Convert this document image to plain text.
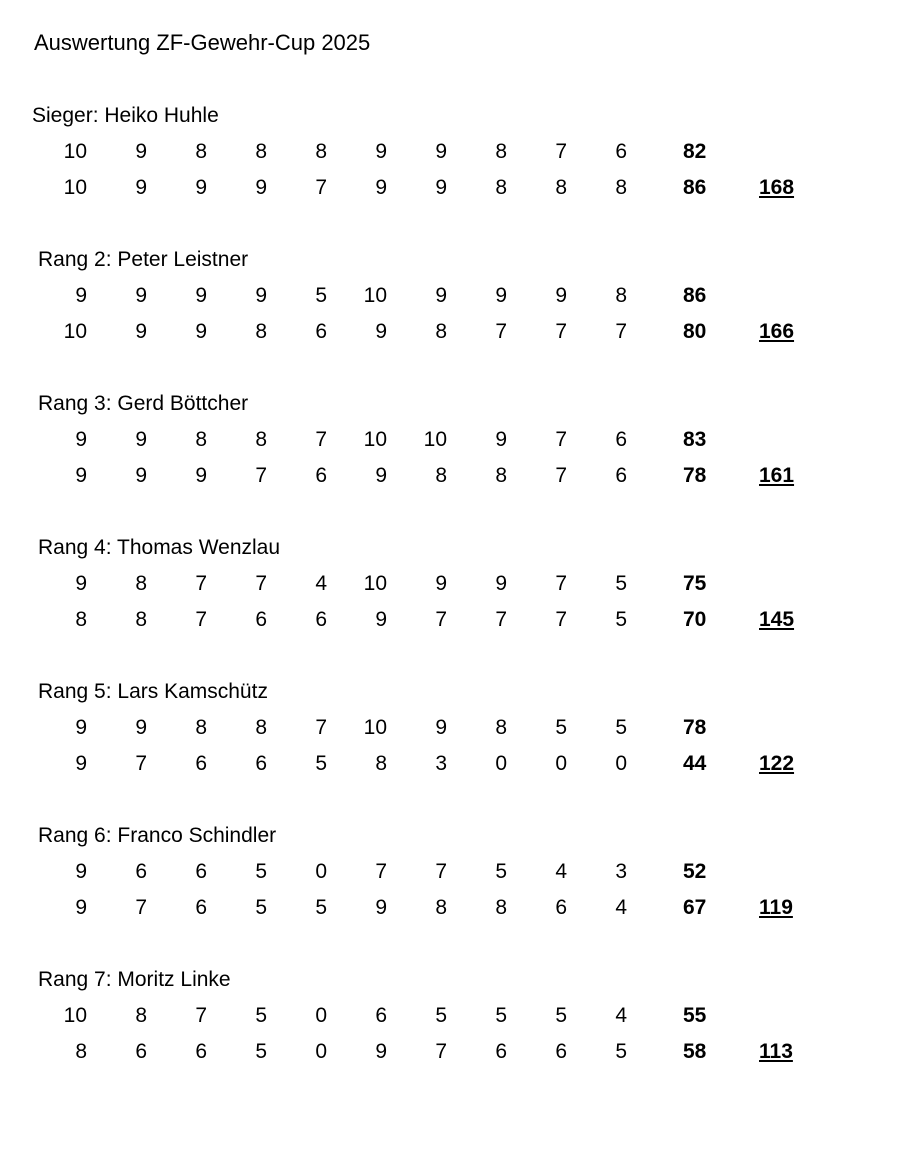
Auswertung ZF-Gewehr-Cup 2025
Sieger: Heiko Huhle
10	9	8	8	8	9	9	8	7	6	82
10	9	9	9	7	9	9	8	8	8	86	168
Rang 2: Peter Leistner
9	9	9	9	5	10	9	9	9	8	86
10	9	9	8	6	9	8	7	7	7	80	166
Rang 3: Gerd Böttcher
9	9	8	8	7	10	10	9	7	6	83
9	9	9	7	6	9	8	8	7	6	78	161
Rang 4: Thomas Wenzlau
9	8	7	7	4	10	9	9	7	5	75
8	8	7	6	6	9	7	7	7	5	70	145
Rang 5: Lars Kamschütz
9	9	8	8	7	10	9	8	5	5	78
9	7	6	6	5	8	3	0	0	0	44	122
Rang 6: Franco Schindler
9	6	6	5	0	7	7	5	4	3	52
9	7	6	5	5	9	8	8	6	4	67	119
Rang 7: Moritz Linke
10	8	7	5	0	6	5	5	5	4	55
8	6	6	5	0	9	7	6	6	5	58	113
